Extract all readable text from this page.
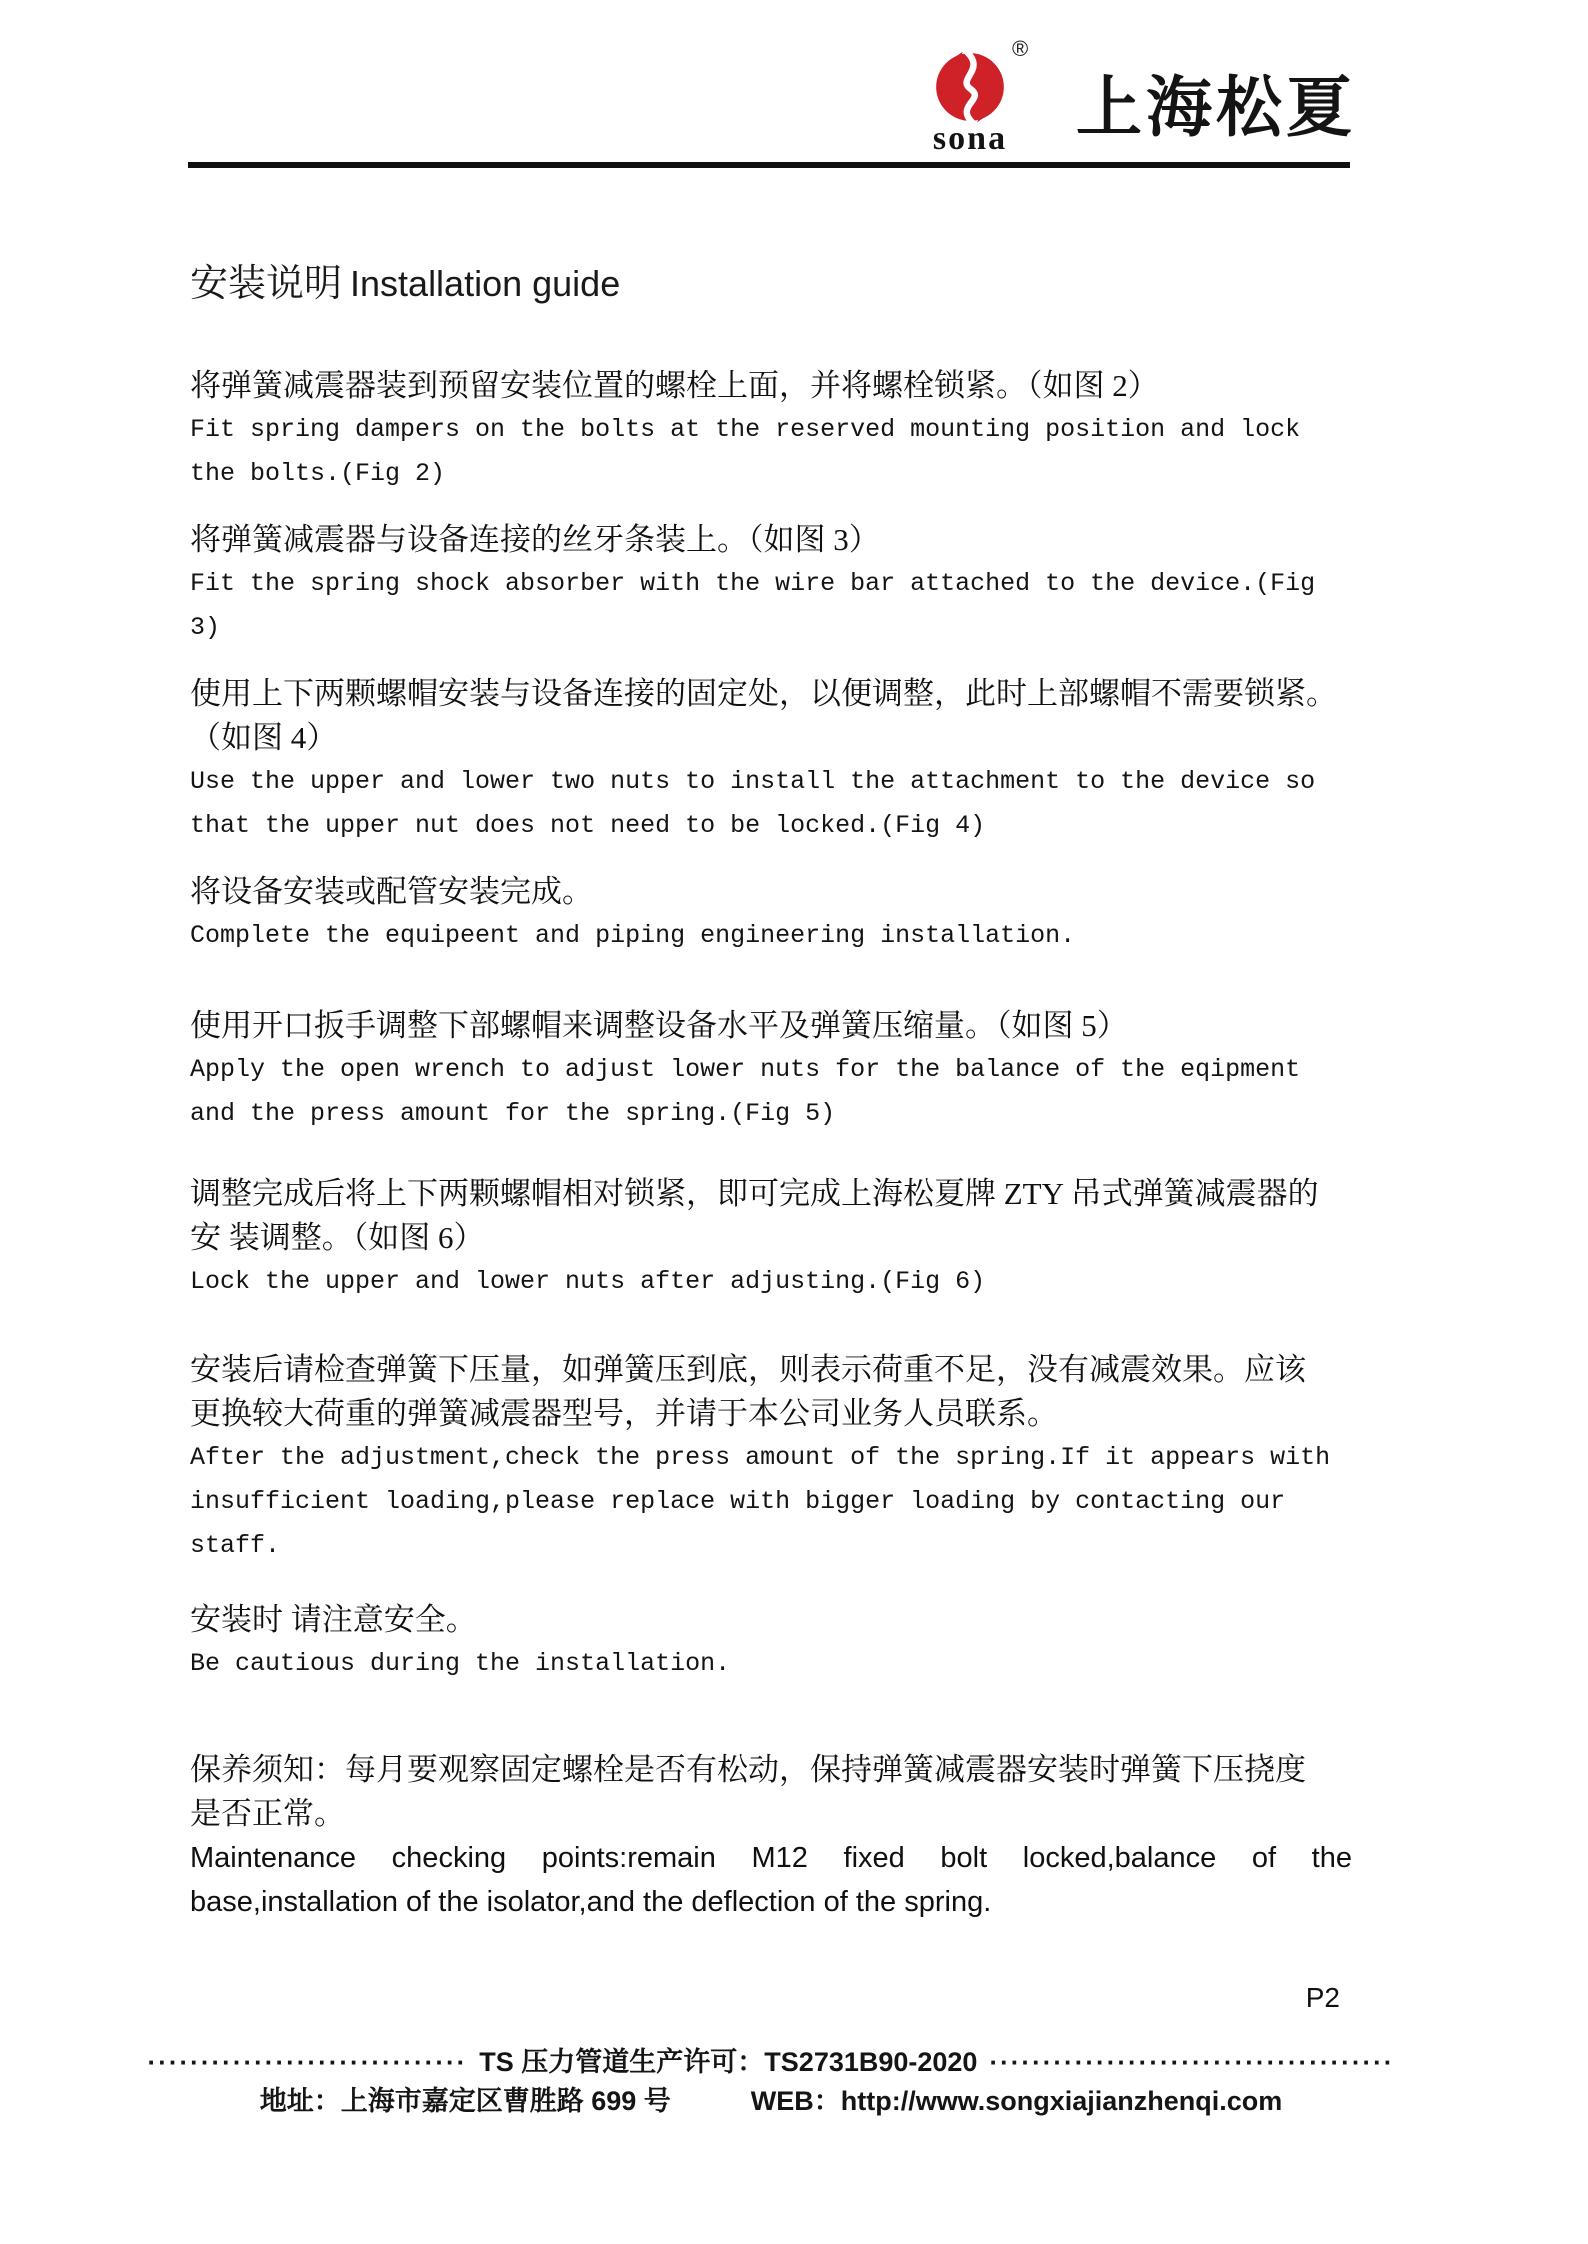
®
sona 上海松夏
安装说明 Installation guide
将弹簧减震器装到预留安装位置的螺栓上面，并将螺栓锁紧。（如图 2）
Fit spring dampers on the bolts at the reserved mounting position and lock
the bolts.(Fig 2)
将弹簧减震器与设备连接的丝牙条装上。（如图 3）
Fit the spring shock absorber with the wire bar attached to the device.(Fig
3)
使用上下两颗螺帽安装与设备连接的固定处，以便调整，此时上部螺帽不需要锁紧。
（如图 4）
Use the upper and lower two nuts to install the attachment to the device so
that the upper nut does not need to be locked.(Fig 4)
将设备安装或配管安装完成。
Complete the equipeent and piping engineering installation.
使用开口扳手调整下部螺帽来调整设备水平及弹簧压缩量。（如图 5）
Apply the open wrench to adjust lower nuts for the balance of the eqipment
and the press amount for the spring.(Fig 5)
调整完成后将上下两颗螺帽相对锁紧，即可完成上海松夏牌 ZTY 吊式弹簧减震器的
安 装调整。（如图 6）
Lock the upper and lower nuts after adjusting.(Fig 6)
安装后请检查弹簧下压量，如弹簧压到底，则表示荷重不足，没有减震效果。应该
更换较大荷重的弹簧减震器型号，并请于本公司业务人员联系。
After the adjustment,check the press amount of the spring.If it appears with
insufficient loading,please replace with bigger loading by contacting our
staff.
安装时 请注意安全。
Be cautious during the installation.
保养须知：每月要观察固定螺栓是否有松动，保持弹簧减震器安装时弹簧下压挠度
是否正常。
Maintenance checking points:remain M12 fixed bolt locked,balance of the
base,installation of the isolator,and the deflection of the spring.
P2
······························ TS 压力管道生产许可：TS2731B90-2020 ······································
地址：上海市嘉定区曹胜路 699 号	WEB：http://www.songxiajianzhenqi.com
